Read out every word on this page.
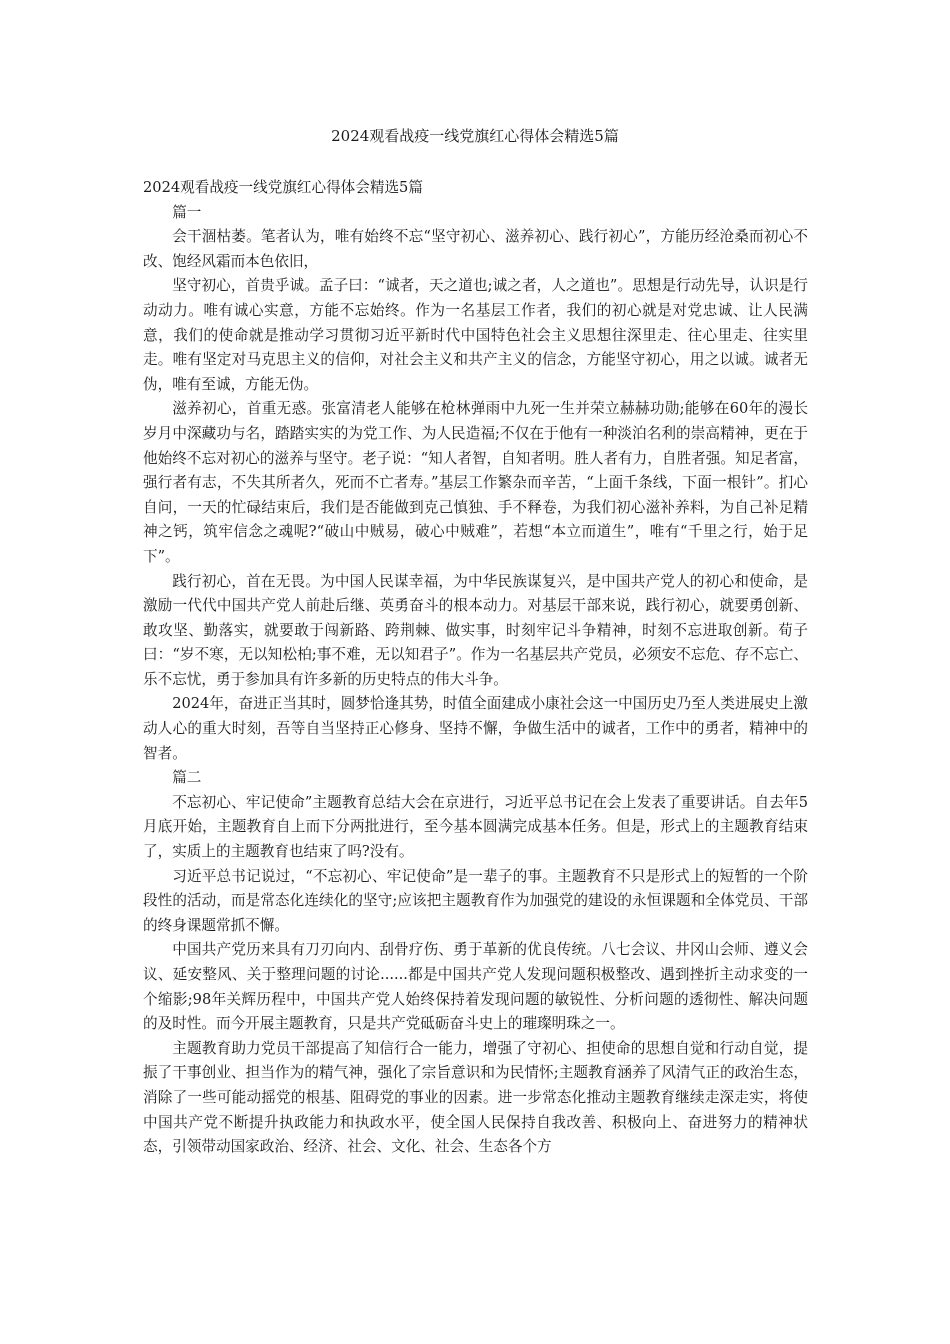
2024观看战疫一线党旗红心得体会精选5篇

2024观看战疫一线党旗红心得体会精选5篇

篇一

会干涸枯萎。笔者认为，唯有始终不忘“坚守初心、滋养初心、践行初心”，方能历经沧桑而初心不改、饱经风霜而本色依旧，

坚守初心，首贵乎诚。孟子曰：“诚者，天之道也;诚之者，人之道也”。思想是行动先导，认识是行动动力。唯有诚心实意，方能不忘始终。作为一名基层工作者，我们的初心就是对党忠诚、让人民满意，我们的使命就是推动学习贯彻习近平新时代中国特色社会主义思想往深里走、往心里走、往实里走。唯有坚定对马克思主义的信仰，对社会主义和共产主义的信念，方能坚守初心，用之以诚。诚者无伪，唯有至诚，方能无伪。

滋养初心，首重无惑。张富清老人能够在枪林弹雨中九死一生并荣立赫赫功勋;能够在60年的漫长岁月中深藏功与名，踏踏实实的为党工作、为人民造福;不仅在于他有一种淡泊名利的崇高精神，更在于他始终不忘对初心的滋养与坚守。老子说：“知人者智，自知者明。胜人者有力，自胜者强。知足者富，强行者有志，不失其所者久，死而不亡者寿。”基层工作繁杂而辛苦，“上面千条线，下面一根针”。扪心自问，一天的忙碌结束后，我们是否能做到克己慎独、手不释卷，为我们初心滋补养料，为自己补足精神之钙，筑牢信念之魂呢?“破山中贼易，破心中贼难”，若想“本立而道生”，唯有“千里之行，始于足下”。

践行初心，首在无畏。为中国人民谋幸福，为中华民族谋复兴，是中国共产党人的初心和使命，是激励一代代中国共产党人前赴后继、英勇奋斗的根本动力。对基层干部来说，践行初心，就要勇创新、敢攻坚、勤落实，就要敢于闯新路、跨荆棘、做实事，时刻牢记斗争精神，时刻不忘进取创新。荀子曰：“岁不寒，无以知松柏;事不难，无以知君子”。作为一名基层共产党员，必须安不忘危、存不忘亡、乐不忘忧，勇于参加具有许多新的历史特点的伟大斗争。

2024年，奋进正当其时，圆梦恰逢其势，时值全面建成小康社会这一中国历史乃至人类进展史上激动人心的重大时刻，吾等自当坚持正心修身、坚持不懈，争做生活中的诚者，工作中的勇者，精神中的智者。

篇二

不忘初心、牢记使命”主题教育总结大会在京进行，习近平总书记在会上发表了重要讲话。自去年5月底开始，主题教育自上而下分两批进行，至今基本圆满完成基本任务。但是，形式上的主题教育结束了，实质上的主题教育也结束了吗?没有。

习近平总书记说过，“不忘初心、牢记使命”是一辈子的事。主题教育不只是形式上的短暂的一个阶段性的活动，而是常态化连续化的坚守;应该把主题教育作为加强党的建设的永恒课题和全体党员、干部的终身课题常抓不懈。

中国共产党历来具有刀刃向内、刮骨疗伤、勇于革新的优良传统。八七会议、井冈山会师、遵义会议、延安整风、关于整理问题的讨论......都是中国共产党人发现问题积极整改、遇到挫折主动求变的一个缩影;98年关辉历程中，中国共产党人始终保持着发现问题的敏锐性、分析问题的透彻性、解决问题的及时性。而今开展主题教育，只是共产党砥砺奋斗史上的璀璨明珠之一。

主题教育助力党员干部提高了知信行合一能力，增强了守初心、担使命的思想自觉和行动自觉，提振了干事创业、担当作为的精气神，强化了宗旨意识和为民情怀;主题教育涵养了风清气正的政治生态，消除了一些可能动摇党的根基、阻碍党的事业的因素。进一步常态化推动主题教育继续走深走实，将使中国共产党不断提升执政能力和执政水平，使全国人民保持自我改善、积极向上、奋进努力的精神状态，引领带动国家政治、经济、社会、文化、社会、生态各个方
